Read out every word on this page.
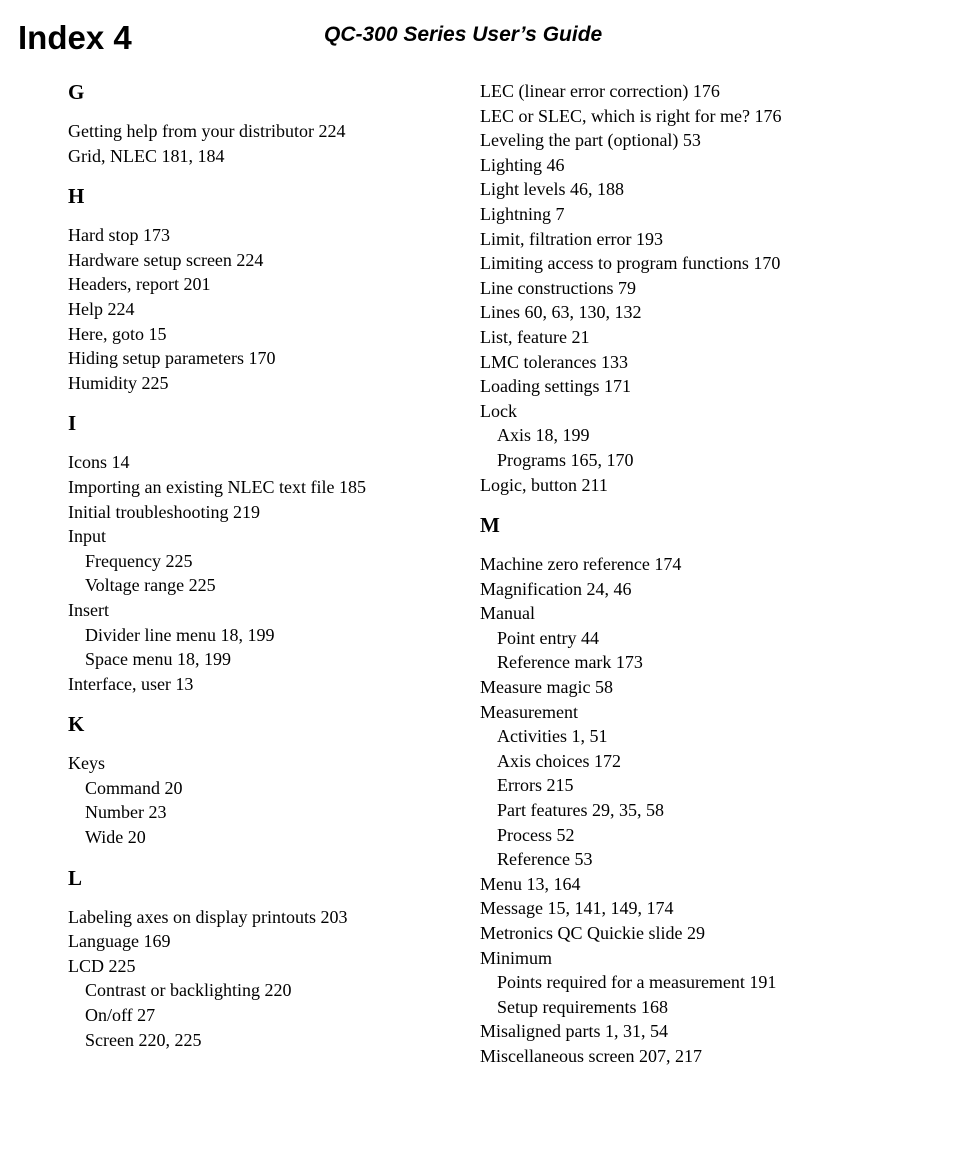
Index 4	QC-300 Series User’s Guide
G
Getting help from your distributor 224
Grid, NLEC 181, 184
H
Hard stop 173
Hardware setup screen 224
Headers, report 201
Help 224
Here, goto 15
Hiding setup parameters 170
Humidity 225
I
Icons 14
Importing an existing NLEC text file 185
Initial troubleshooting 219
Input
Frequency 225
Voltage range 225
Insert
Divider line menu 18, 199
Space menu 18, 199
Interface, user 13
K
Keys
Command 20
Number 23
Wide 20
L
Labeling axes on display printouts 203
Language 169
LCD 225
Contrast or backlighting 220
On/off 27
Screen 220, 225
LEC (linear error correction) 176
LEC or SLEC, which is right for me? 176
Leveling the part (optional) 53
Lighting 46
Light levels 46, 188
Lightning 7
Limit, filtration error 193
Limiting access to program functions 170
Line constructions 79
Lines 60, 63, 130, 132
List, feature 21
LMC tolerances 133
Loading settings 171
Lock
Axis 18, 199
Programs 165, 170
Logic, button 211
M
Machine zero reference 174
Magnification 24, 46
Manual
Point entry 44
Reference mark 173
Measure magic 58
Measurement
Activities 1, 51
Axis choices 172
Errors 215
Part features 29, 35, 58
Process 52
Reference 53
Menu 13, 164
Message 15, 141, 149, 174
Metronics QC Quickie slide 29
Minimum
Points required for a measurement 191
Setup requirements 168
Misaligned parts 1, 31, 54
Miscellaneous screen 207, 217
